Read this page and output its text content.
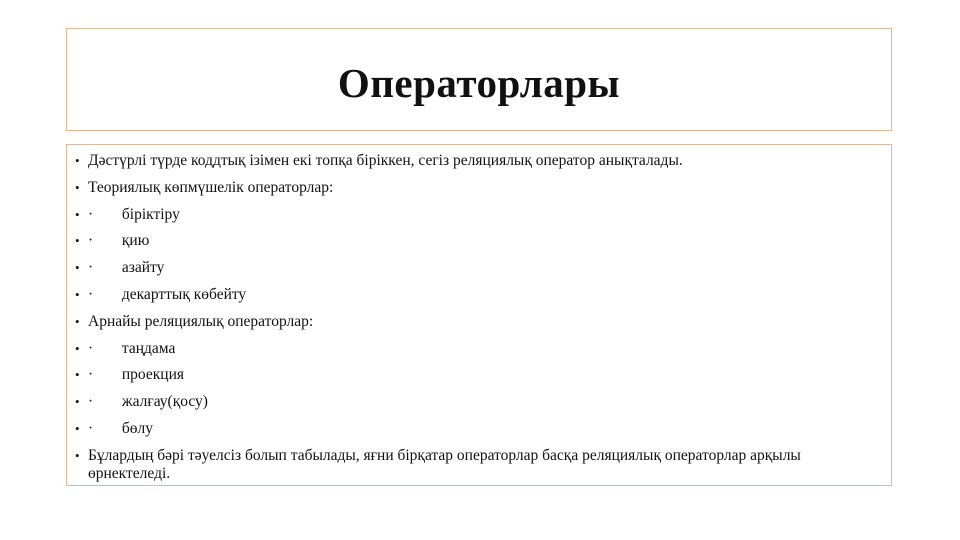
Операторлары
• Дәстүрлі түрде коддтық ізімен екі топқа біріккен, сегіз реляциялық оператор анықталады.
• Теориялық көпмүшелік операторлар:
• · біріктіру
• · қию
• · азайту
• · декарттық көбейту
• Арнайы реляциялық операторлар:
• · таңдама
• · проекция
• · жалғау(қосу)
• · бөлу
• Бұлардың бәрі тәуелсіз болып табылады, яғни бірқатар операторлар басқа реляциялық операторлар арқылы өрнектеледі.
